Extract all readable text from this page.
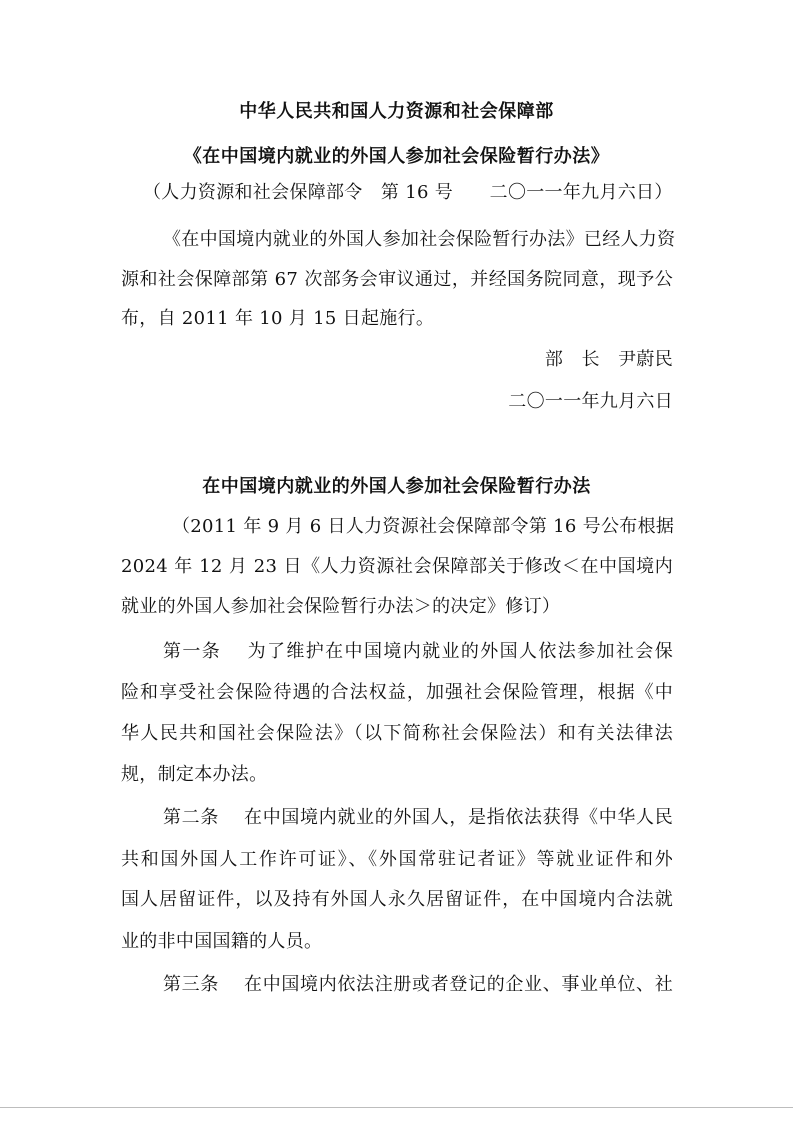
中华人民共和国人力资源和社会保障部
《在中国境内就业的外国人参加社会保险暂行办法》
（人力资源和社会保障部令　第 16 号　　二〇一一年九月六日）
《在中国境内就业的外国人参加社会保险暂行办法》已经人力资
源和社会保障部第 67 次部务会审议通过，并经国务院同意，现予公
布，自 2011 年 10 月 15 日起施行。
部　长　尹蔚民
二〇一一年九月六日
在中国境内就业的外国人参加社会保险暂行办法
（2011 年 9 月 6 日人力资源社会保障部令第 16 号公布根据
2024 年 12 月 23 日《人力资源社会保障部关于修改＜在中国境内
就业的外国人参加社会保险暂行办法＞的决定》修订）
第一条　 为了维护在中国境内就业的外国人依法参加社会保
险和享受社会保险待遇的合法权益，加强社会保险管理，根据《中
华人民共和国社会保险法》（以下简称社会保险法）和有关法律法
规，制定本办法。
第二条　 在中国境内就业的外国人，是指依法获得《中华人民
共和国外国人工作许可证》、《外国常驻记者证》等就业证件和外
国人居留证件，以及持有外国人永久居留证件，在中国境内合法就
业的非中国国籍的人员。
第三条　 在中国境内依法注册或者登记的企业、事业单位、社
